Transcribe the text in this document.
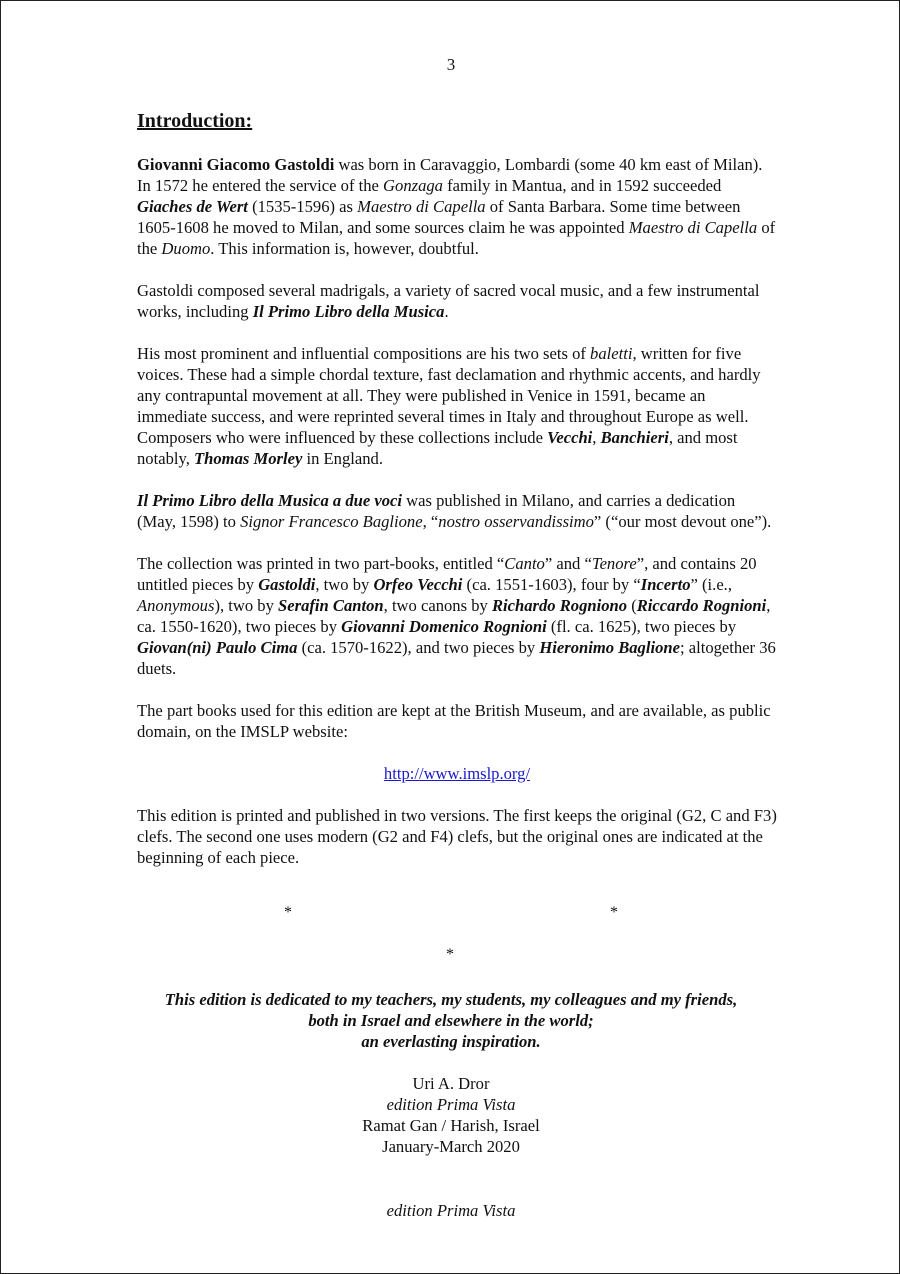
3
Introduction:

Giovanni Giacomo Gastoldi was born in Caravaggio, Lombardi (some 40 km east of Milan). In 1572 he entered the service of the Gonzaga family in Mantua, and in 1592 succeeded Giaches de Wert (1535-1596) as Maestro di Capella of Santa Barbara. Some time between 1605-1608 he moved to Milan, and some sources claim he was appointed Maestro di Capella of the Duomo. This information is, however, doubtful.

Gastoldi composed several madrigals, a variety of sacred vocal music, and a few instrumental works, including Il Primo Libro della Musica.

His most prominent and influential compositions are his two sets of baletti, written for five voices. These had a simple chordal texture, fast declamation and rhythmic accents, and hardly any contrapuntal movement at all. They were published in Venice in 1591, became an immediate success, and were reprinted several times in Italy and throughout Europe as well. Composers who were influenced by these collections include Vecchi, Banchieri, and most notably, Thomas Morley in England.

Il Primo Libro della Musica a due voci was published in Milano, and carries a dedication (May, 1598) to Signor Francesco Baglione, “nostro osservandissimo” (“our most devout one”).

The collection was printed in two part-books, entitled “Canto” and “Tenore”, and contains 20 untitled pieces by Gastoldi, two by Orfeo Vecchi (ca. 1551-1603), four by “Incerto” (i.e., Anonymous), two by Serafin Canton, two canons by Richardo Rogniono (Riccardo Rognioni, ca. 1550-1620), two pieces by Giovanni Domenico Rognioni (fl. ca. 1625), two pieces by Giovan(ni) Paulo Cima (ca. 1570-1622), and two pieces by Hieronimo Baglione; altogether 36 duets.

The part books used for this edition are kept at the British Museum, and are available, as public domain, on the IMSLP website:

http://www.imslp.org/

This edition is printed and published in two versions. The first keeps the original (G2, C and F3) clefs. The second one uses modern (G2 and F4) clefs, but the original ones are indicated at the beginning of each piece.

*	*
*
This edition is dedicated to my teachers, my students, my colleagues and my friends,
both in Israel and elsewhere in the world;
an everlasting inspiration.
Uri A. Dror
edition Prima Vista
Ramat Gan / Harish, Israel
January-March 2020
edition Prima Vista
